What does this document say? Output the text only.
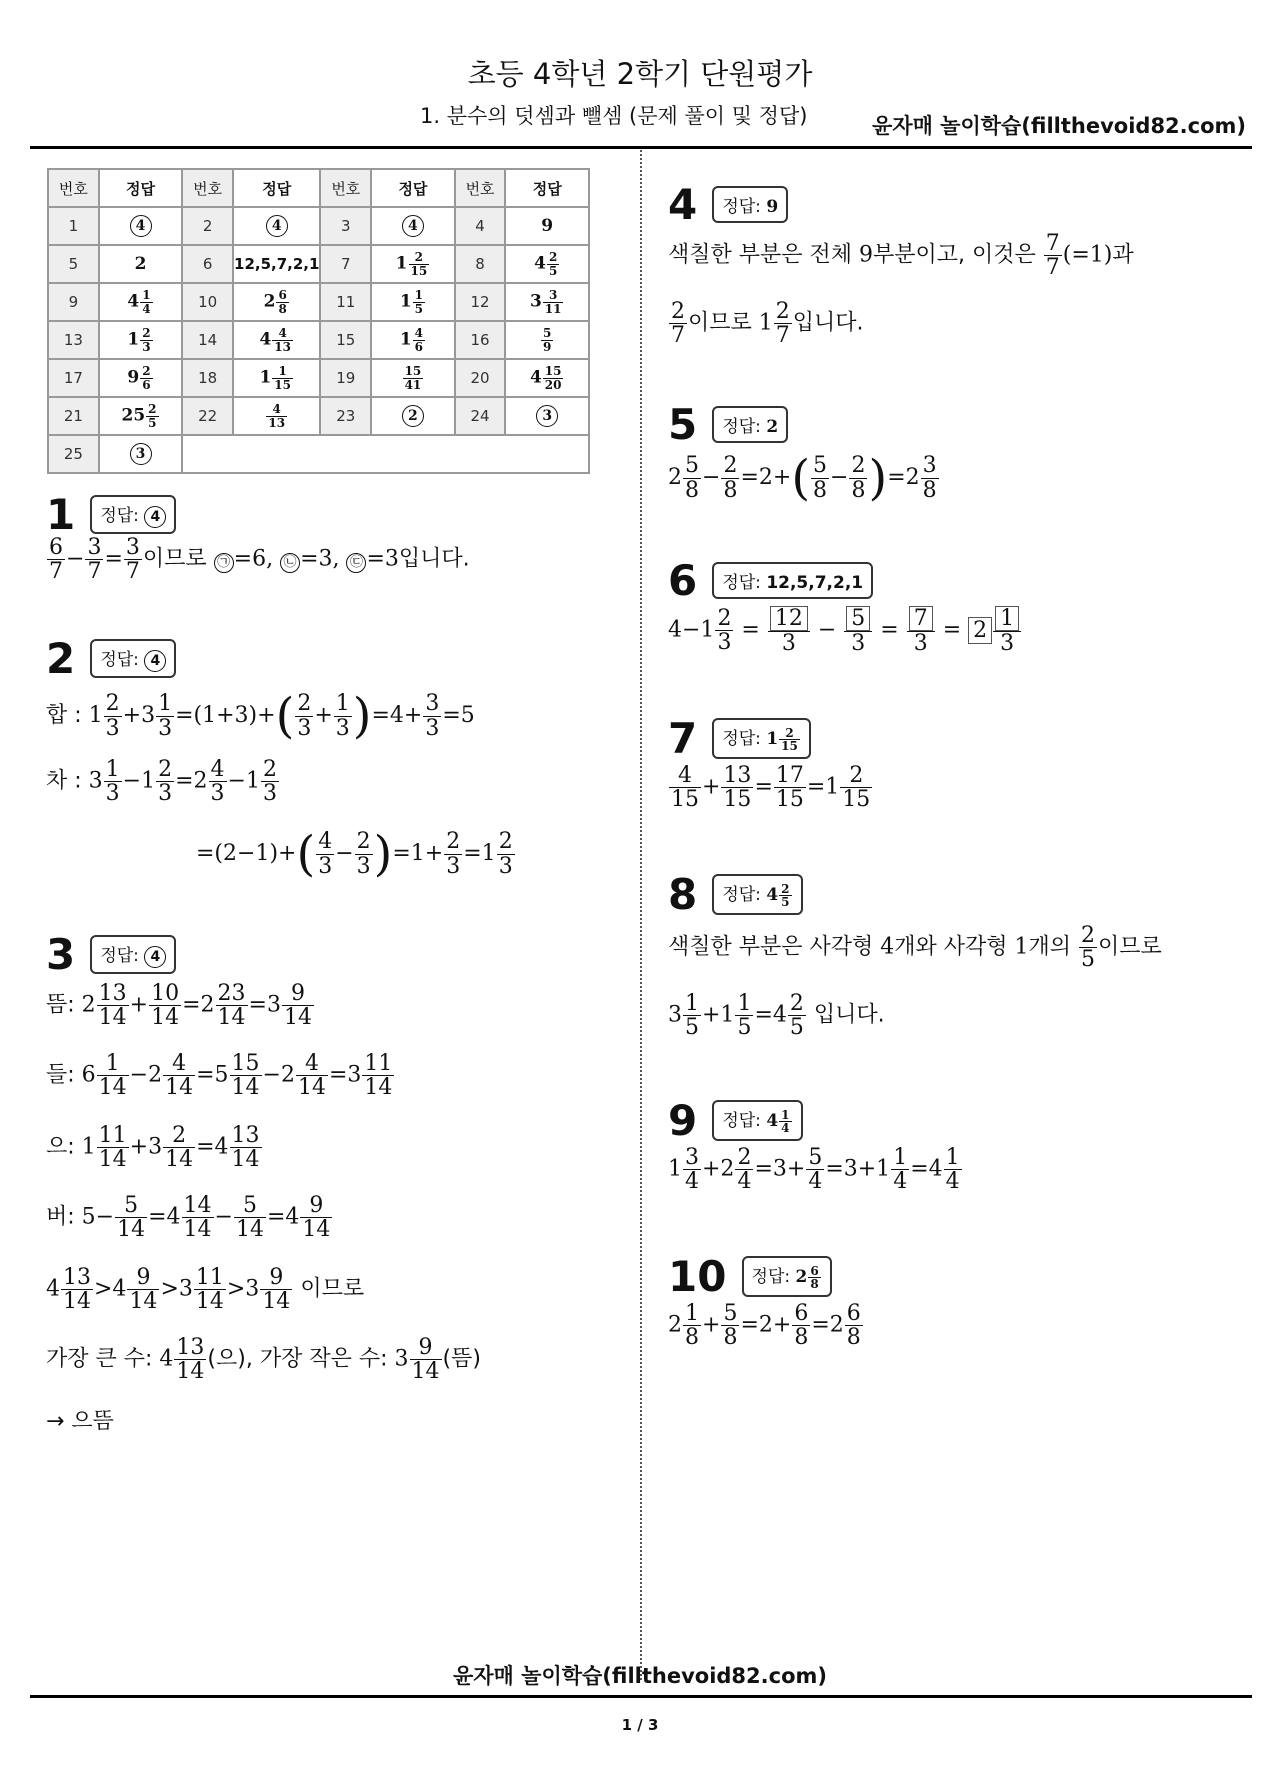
초등 4학년 2학기 단원평가
1. 분수의 덧셈과 뺄셈 (문제 풀이 및 정답)	윤자매 놀이학습(fillthevoid82.com)
번호	정답	번호	정답	번호	정답	번호	정답
1	4	2	4	3	4	4	9
5	2	6	12,5,7,2,1	7	$1 \frac{2}{15}$	8	$4 \frac{2}{5}$

9	$4 \frac{1}{4}$	10	$2 \frac{6}{8}$	11	$1 \frac{1}{5}$	12	$3 \frac{3}{11}$

13	$1 \frac{2}{3}$	14	$4 \frac{4}{13}$	15	$1 \frac{4}{6}$	16	$\frac{5}{9}$

17	$9 \frac{2}{6}$	18	$1 \frac{1}{15}$	19	$\frac{15}{41}$	20	$4 \frac{15}{20}$

21	$25 \frac{2}{5}$	22	$\frac{4}{13}$	23	2	24	3
25	3						
1 정답: 4
$\frac{6}{7} - \frac{3}{7} = \frac{3}{7}$ 이므로 ㉠ =6, ㉡ =3, ㉢ =3입니다.
2 정답: 4
합 : $1 \frac{2}{3} +3 \frac{1}{3} =(1+3)+( \frac{2}{3} + \frac{1}{3} )=4+ \frac{3}{3} =5$
차 : $3 \frac{1}{3} -1 \frac{2}{3} =2 \frac{4}{3} -1 \frac{2}{3}$
$=(2-1)+( \frac{4}{3} - \frac{2}{3} )=1+ \frac{2}{3} =1 \frac{2}{3}$
3 정답: 4
뜸: $2 \frac{13}{14} + \frac{10}{14} =2 \frac{23}{14} =3 \frac{9}{14}$
들: $6 \frac{1}{14} -2 \frac{4}{14} =5 \frac{15}{14} -2 \frac{4}{14} =3 \frac{11}{14}$
으: $1 \frac{11}{14} +3 \frac{2}{14} =4 \frac{13}{14}$
버: $5- \frac{5}{14} =4 \frac{14}{14} - \frac{5}{14} =4 \frac{9}{14}$
$4 \frac{13}{14} >4 \frac{9}{14} >3 \frac{11}{14} >3 \frac{9}{14}$ 이므로
가장 큰 수: $4 \frac{13}{14}$ (으), 가장 작은 수: $3 \frac{9}{14}$ (뜸)
→ 으뜸
4 정답: 9
색칠한 부분은 전체 9부분이고, 이것은 $\frac{7}{7} (=1)$과
$\frac{2}{7}$ 이므로 $1 \frac{2}{7}$ 입니다.
5 정답: 2
$2 \frac{5}{8} - \frac{2}{8} =2+( \frac{5}{8} - \frac{2}{8} )=2 \frac{3}{8}$
6 정답: 12,5,7,2,1
$4-1 \frac{2}{3} = \frac{12}{3} - \frac{5}{3} = \frac{7}{3} = 2 \frac{1}{3}$
7 정답: $1 \frac{2}{15}$
$\frac{4}{15} + \frac{13}{15} = \frac{17}{15} =1 \frac{2}{15}$
8 정답: $4 \frac{2}{5}$
색칠한 부분은 사각형 4개와 사각형 1개의 $\frac{2}{5}$ 이므로
$3 \frac{1}{5} +1 \frac{1}{5} =4 \frac{2}{5}$ 입니다.
9 정답: $4 \frac{1}{4}$
$1 \frac{3}{4} +2 \frac{2}{4} =3+ \frac{5}{4} =3+1 \frac{1}{4} =4 \frac{1}{4}$
10 정답: $2 \frac{6}{8}$
$2 \frac{1}{8} + \frac{5}{8} =2+ \frac{6}{8} =2 \frac{6}{8}$
윤자매 놀이학습(fillthevoid82.com)
1 / 3
